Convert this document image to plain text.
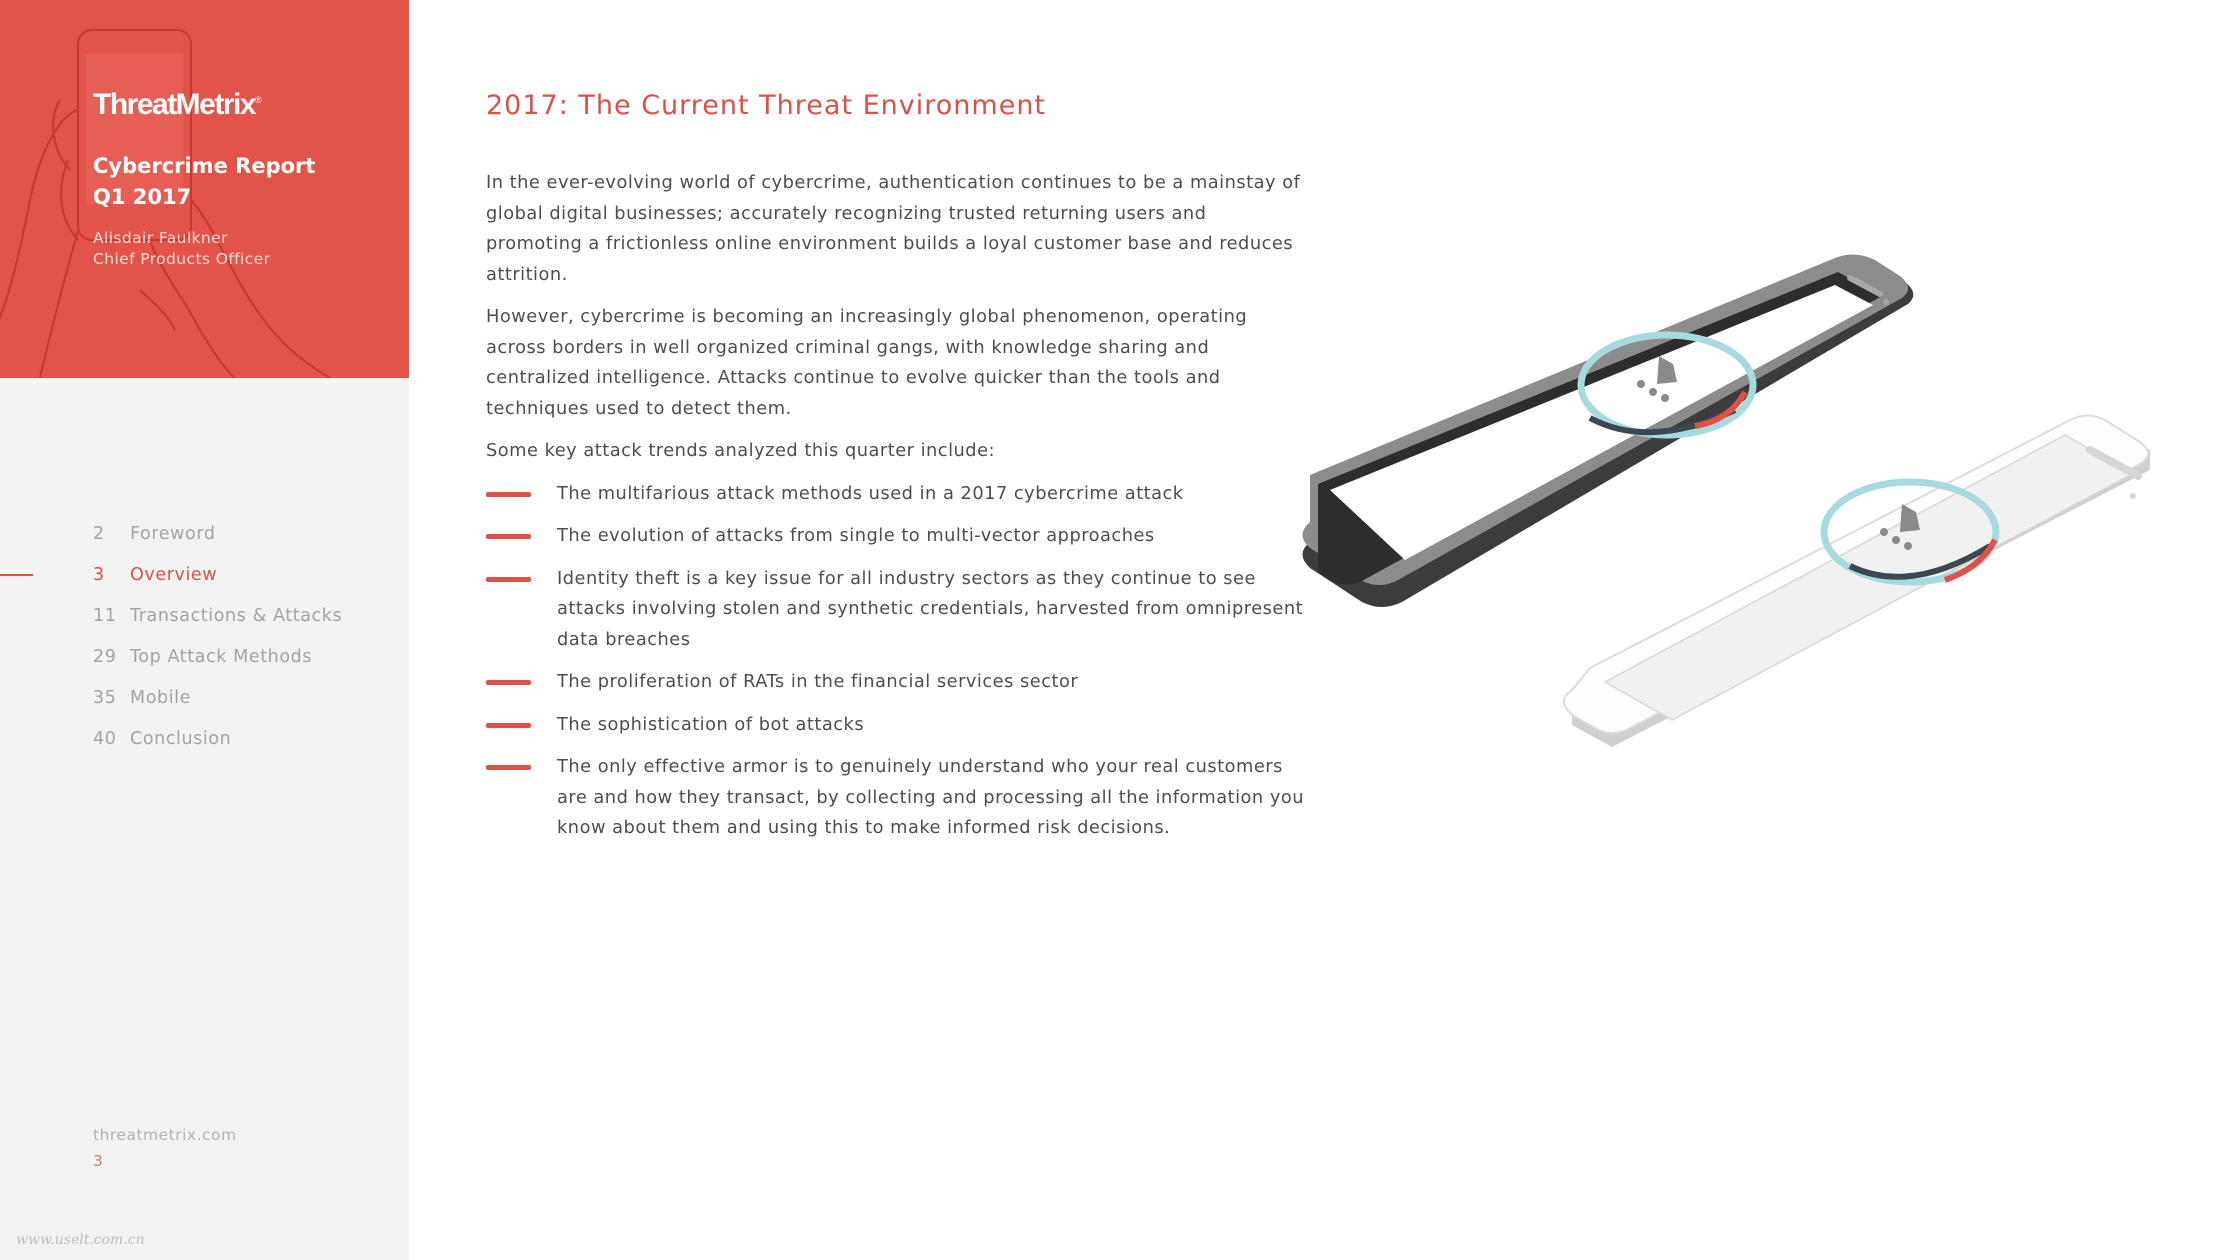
ThreatMetrix®
Cybercrime Report
Q1 2017
Alisdair Faulkner
Chief Products Officer
2 Foreword
3 Overview
11 Transactions & Attacks
29 Top Attack Methods
35 Mobile
40 Conclusion
threatmetrix.com
3
www.uselt.com.cn
2017: The Current Threat Environment

In the ever-evolving world of cybercrime, authentication continues to be a mainstay of global digital businesses; accurately recognizing trusted returning users and promoting a frictionless online environment builds a loyal customer base and reduces attrition.

However, cybercrime is becoming an increasingly global phenomenon, operating across borders in well organized criminal gangs, with knowledge sharing and centralized intelligence. Attacks continue to evolve quicker than the tools and techniques used to detect them.

Some key attack trends analyzed this quarter include:

The multifarious attack methods used in a 2017 cybercrime attack
The evolution of attacks from single to multi-vector approaches
Identity theft is a key issue for all industry sectors as they continue to see attacks involving stolen and synthetic credentials, harvested from omnipresent data breaches
The proliferation of RATs in the financial services sector
The sophistication of bot attacks
The only effective armor is to genuinely understand who your real customers are and how they transact, by collecting and processing all the information you know about them and using this to make informed risk decisions.
